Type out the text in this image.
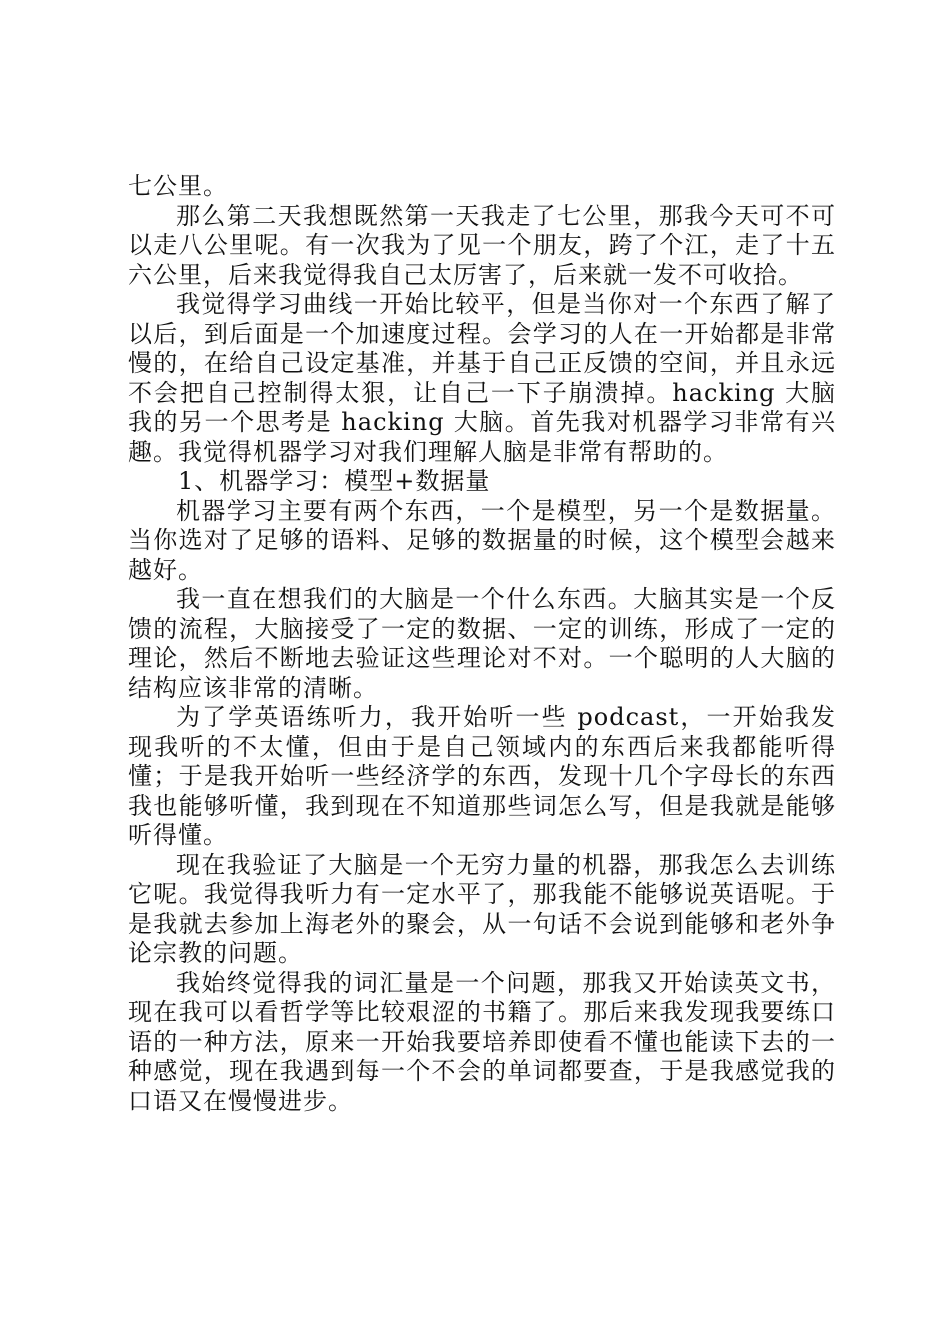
七公里。

那么第二天我想既然第一天我走了七公里，那我今天可不可以走八公里呢。有一次我为了见一个朋友，跨了个江，走了十五六公里，后来我觉得我自己太厉害了，后来就一发不可收拾。

我觉得学习曲线一开始比较平，但是当你对一个东西了解了以后，到后面是一个加速度过程。会学习的人在一开始都是非常慢的，在给自己设定基准，并基于自己正反馈的空间，并且永远不会把自己控制得太狠，让自己一下子崩溃掉。hacking 大脑我的另一个思考是 hacking 大脑。首先我对机器学习非常有兴趣。我觉得机器学习对我们理解人脑是非常有帮助的。

1、机器学习：模型+数据量

机器学习主要有两个东西，一个是模型，另一个是数据量。当你选对了足够的语料、足够的数据量的时候，这个模型会越来越好。

我一直在想我们的大脑是一个什么东西。大脑其实是一个反馈的流程，大脑接受了一定的数据、一定的训练，形成了一定的理论，然后不断地去验证这些理论对不对。一个聪明的人大脑的结构应该非常的清晰。

为了学英语练听力，我开始听一些 podcast，一开始我发现我听的不太懂，但由于是自己领域内的东西后来我都能听得懂；于是我开始听一些经济学的东西，发现十几个字母长的东西我也能够听懂，我到现在不知道那些词怎么写，但是我就是能够听得懂。

现在我验证了大脑是一个无穷力量的机器，那我怎么去训练它呢。我觉得我听力有一定水平了，那我能不能够说英语呢。于是我就去参加上海老外的聚会，从一句话不会说到能够和老外争论宗教的问题。

我始终觉得我的词汇量是一个问题，那我又开始读英文书，现在我可以看哲学等比较艰涩的书籍了。那后来我发现我要练口语的一种方法，原来一开始我要培养即使看不懂也能读下去的一种感觉，现在我遇到每一个不会的单词都要查，于是我感觉我的口语又在慢慢进步。
